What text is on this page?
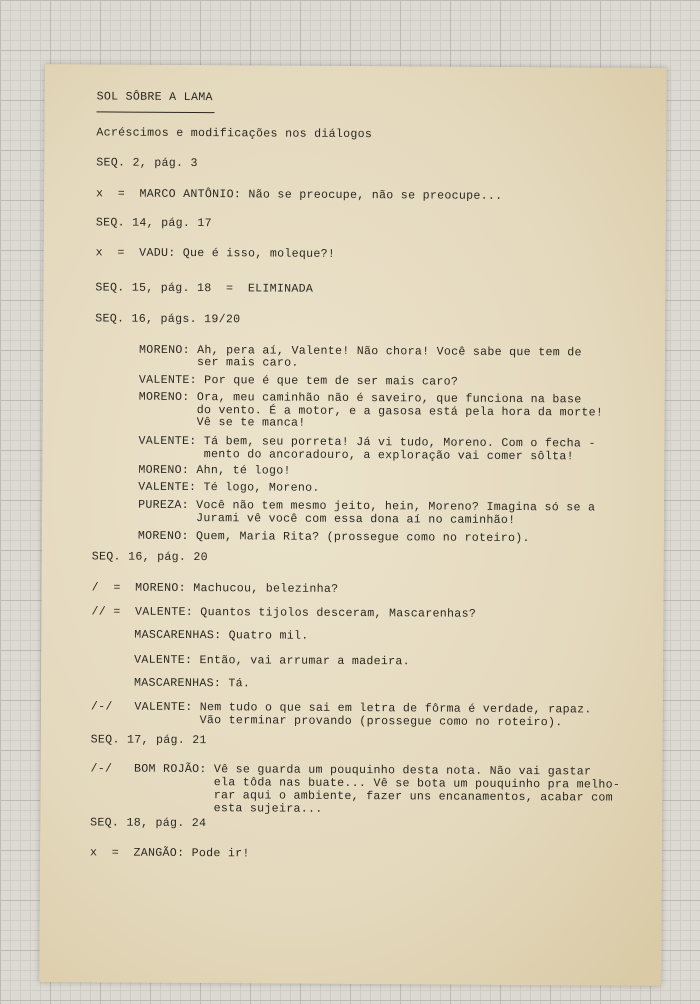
SOL SÔBRE A LAMA
Acréscimos e modificações nos diálogos
SEQ. 2, pág. 3
x  =  MARCO ANTÔNIO: Não se preocupe, não se preocupe...
SEQ. 14, pág. 17
x  =  VADU: Que é isso, moleque?!
SEQ. 15, pág. 18  =  ELIMINADA
SEQ. 16, págs. 19/20
MORENO: Ah, pera aí, Valente! Não chora! Você sabe que tem de
ser mais caro.
VALENTE: Por que é que tem de ser mais caro?
MORENO: Ora, meu caminhão não é saveiro, que funciona na base
do vento. É a motor, e a gasosa está pela hora da morte!
Vê se te manca!
VALENTE: Tá bem, seu porreta! Já vi tudo, Moreno. Com o fecha -
mento do ancoradouro, a exploração vai comer sôlta!
MORENO: Ahn, té logo!
VALENTE: Té logo, Moreno.
PUREZA: Você não tem mesmo jeito, hein, Moreno? Imagina só se a
Jurami vê você com essa dona aí no caminhão!
MORENO: Quem, Maria Rita? (prossegue como no roteiro).
SEQ. 16, pág. 20
/  =  MORENO: Machucou, belezinha?
// =  VALENTE: Quantos tijolos desceram, Mascarenhas?
MASCARENHAS: Quatro mil.
VALENTE: Então, vai arrumar a madeira.
MASCARENHAS: Tá.
/-/   VALENTE: Nem tudo o que sai em letra de fôrma é verdade, rapaz.
Vão terminar provando (prossegue como no roteiro).
SEQ. 17, pág. 21
/-/   BOM ROJÃO: Vê se guarda um pouquinho desta nota. Não vai gastar
ela tôda nas buate... Vê se bota um pouquinho pra melho-
rar aqui o ambiente, fazer uns encanamentos, acabar com
esta sujeira...
SEQ. 18, pág. 24
x  =  ZANGÃO: Pode ir!
